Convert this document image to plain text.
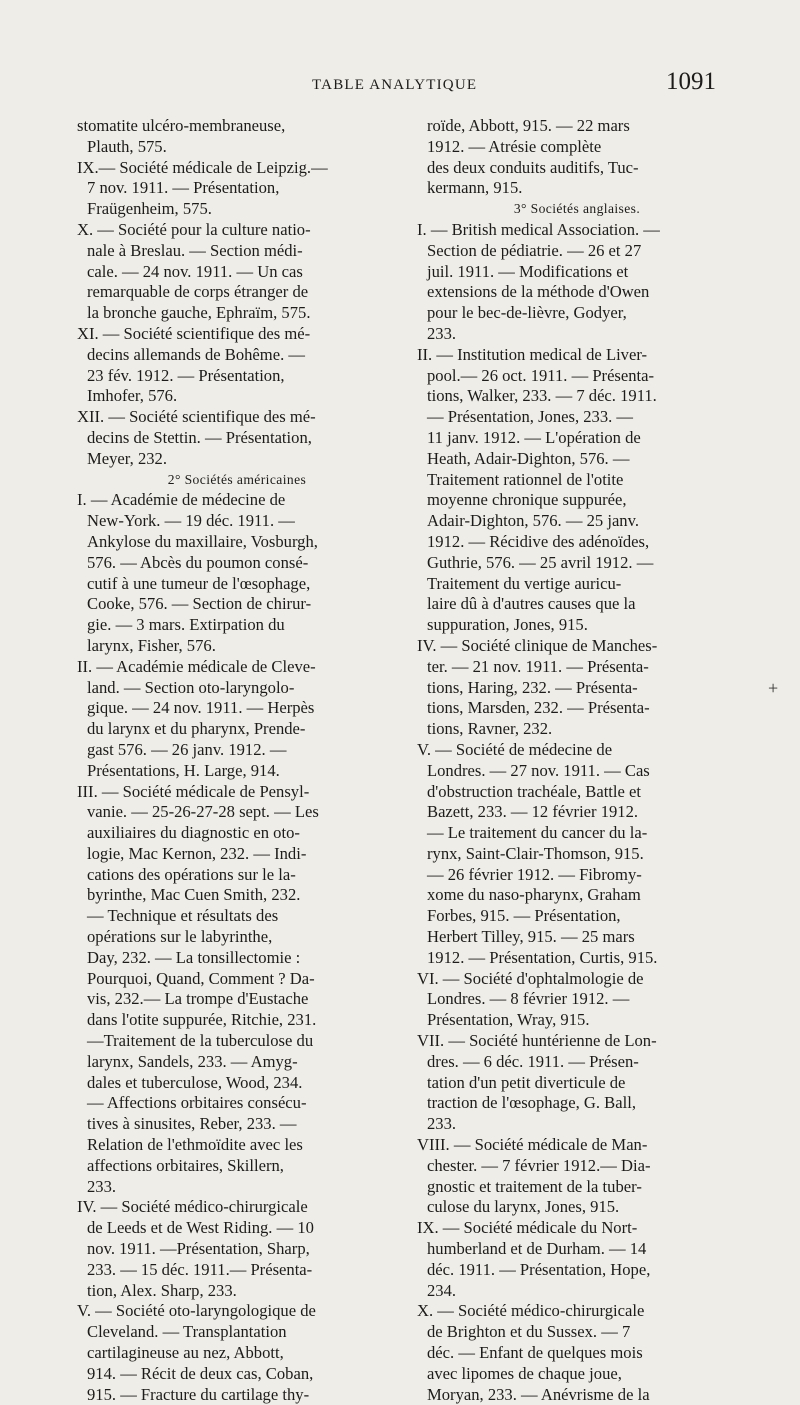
TABLE ANALYTIQUE	1091
stomatite ulcéro-membraneuse,
Plauth, 575.
IX.— Société médicale de Leipzig.—
7 nov. 1911. — Présentation,
Fraügenheim, 575.
X. — Société pour la culture natio-
nale à Breslau. — Section médi-
cale. — 24 nov. 1911. — Un cas
remarquable de corps étranger de
la bronche gauche, Ephraïm, 575.
XI. — Société scientifique des mé-
decins allemands de Bohême. —
23 fév. 1912. — Présentation,
Imhofer, 576.
XII. — Société scientifique des mé-
decins de Stettin. — Présentation,
Meyer, 232.
2° Sociétés américaines
I. — Académie de médecine de
New-York. — 19 déc. 1911. —
Ankylose du maxillaire, Vosburgh,
576. — Abcès du poumon consé-
cutif à une tumeur de l'œsophage,
Cooke, 576. — Section de chirur-
gie. — 3 mars. Extirpation du
larynx, Fisher, 576.
II. — Académie médicale de Cleve-
land. — Section oto-laryngolo-
gique. — 24 nov. 1911. — Herpès
du larynx et du pharynx, Prende-
gast 576. — 26 janv. 1912. —
Présentations, H. Large, 914.
III. — Société médicale de Pensyl-
vanie. — 25-26-27-28 sept. — Les
auxiliaires du diagnostic en oto-
logie, Mac Kernon, 232. — Indi-
cations des opérations sur le la-
byrinthe, Mac Cuen Smith, 232.
— Technique et résultats des
opérations sur le labyrinthe,
Day, 232. — La tonsillectomie :
Pourquoi, Quand, Comment ? Da-
vis, 232.— La trompe d'Eustache
dans l'otite suppurée, Ritchie, 231.
—Traitement de la tuberculose du
larynx, Sandels, 233. — Amyg-
dales et tuberculose, Wood, 234.
— Affections orbitaires consécu-
tives à sinusites, Reber, 233. —
Relation de l'ethmoïdite avec les
affections orbitaires, Skillern,
233.
IV. — Société médico-chirurgicale
de Leeds et de West Riding. — 10
nov. 1911. —Présentation, Sharp,
233. — 15 déc. 1911.— Présenta-
tion, Alex. Sharp, 233.
V. — Société oto-laryngologique de
Cleveland. — Transplantation
cartilagineuse au nez, Abbott,
914. — Récit de deux cas, Coban,
915. — Fracture du cartilage thy-
roïde, Abbott, 915. — 22 mars
1912. — Atrésie complète
des deux conduits auditifs, Tuc-
kermann, 915.
3° Sociétés anglaises.
I. — British medical Association. —
Section de pédiatrie. — 26 et 27
juil. 1911. — Modifications et
extensions de la méthode d'Owen
pour le bec-de-lièvre, Godyer,
233.
II. — Institution medical de Liver-
pool.— 26 oct. 1911. — Présenta-
tions, Walker, 233. — 7 déc. 1911.
— Présentation, Jones, 233. —
11 janv. 1912. — L'opération de
Heath, Adair-Dighton, 576. —
Traitement rationnel de l'otite
moyenne chronique suppurée,
Adair-Dighton, 576. — 25 janv.
1912. — Récidive des adénoïdes,
Guthrie, 576. — 25 avril 1912. —
Traitement du vertige auricu-
laire dû à d'autres causes que la
suppuration, Jones, 915.
IV. — Société clinique de Manches-
ter. — 21 nov. 1911. — Présenta-
tions, Haring, 232. — Présenta-
tions, Marsden, 232. — Présenta-
tions, Ravner, 232.
V. — Société de médecine de
Londres. — 27 nov. 1911. — Cas
d'obstruction trachéale, Battle et
Bazett, 233. — 12 février 1912.
— Le traitement du cancer du la-
rynx, Saint-Clair-Thomson, 915.
— 26 février 1912. — Fibromy-
xome du naso-pharynx, Graham
Forbes, 915. — Présentation,
Herbert Tilley, 915. — 25 mars
1912. — Présentation, Curtis, 915.
VI. — Société d'ophtalmologie de
Londres. — 8 février 1912. —
Présentation, Wray, 915.
VII. — Société huntérienne de Lon-
dres. — 6 déc. 1911. — Présen-
tation d'un petit diverticule de
traction de l'œsophage, G. Ball,
233.
VIII. — Société médicale de Man-
chester. — 7 février 1912.— Dia-
gnostic et traitement de la tuber-
culose du larynx, Jones, 915.
IX. — Société médicale du Nort-
humberland et de Durham. — 14
déc. 1911. — Présentation, Hope,
234.
X. — Société médico-chirurgicale
de Brighton et du Sussex. — 7
déc. — Enfant de quelques mois
avec lipomes de chaque joue,
Moryan, 233. — Anévrisme de la
+
